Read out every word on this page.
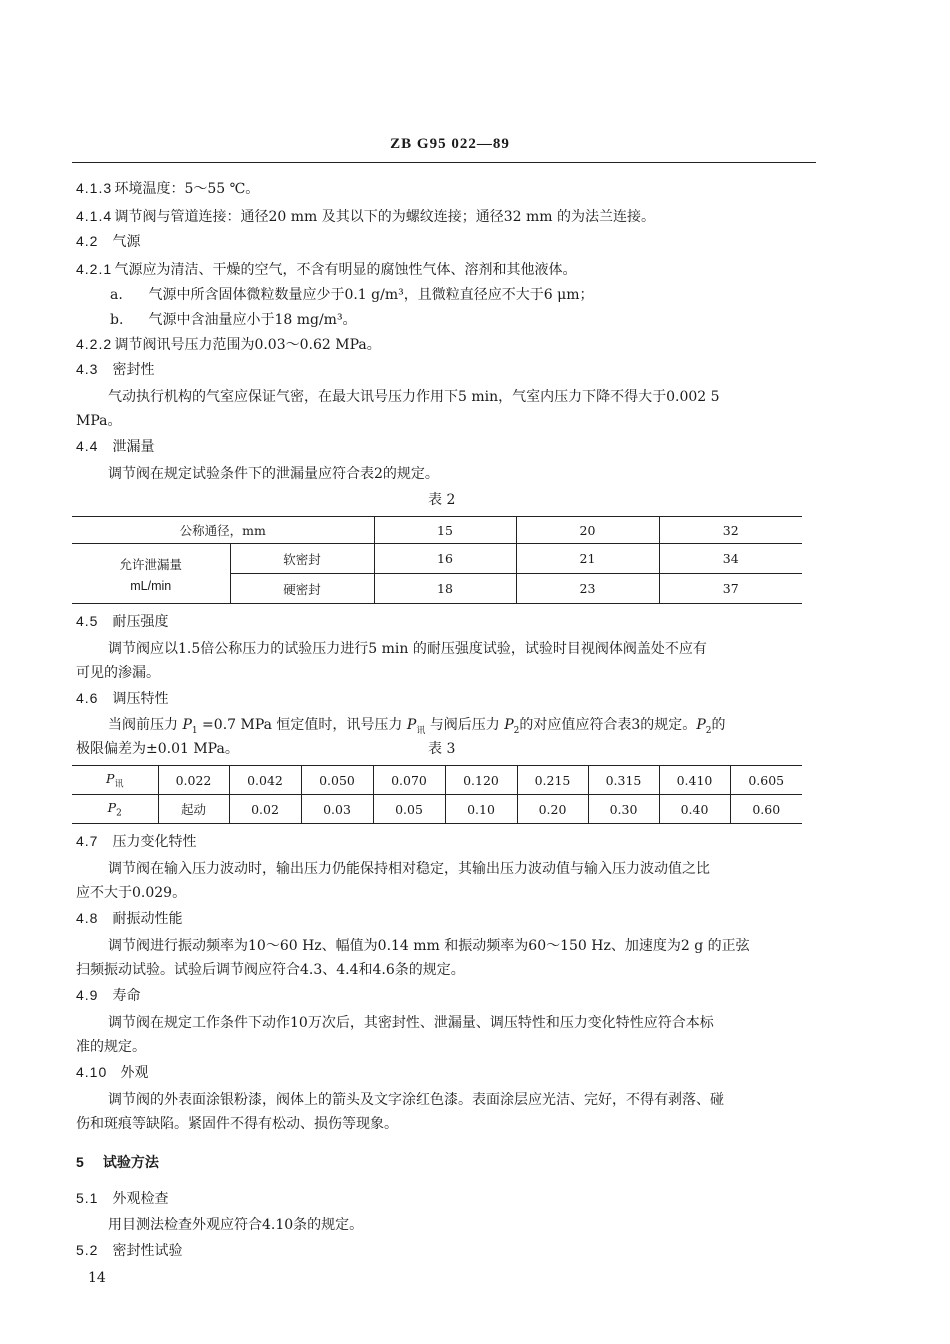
ZB G95 022—89
4.1.3 环境温度：5～55 ℃。
4.1.4 调节阀与管道连接：通径20 mm 及其以下的为螺纹连接；通径32 mm 的为法兰连接。
4.2 气源
4.2.1 气源应为清洁、干燥的空气，不含有明显的腐蚀性气体、溶剂和其他液体。
a. 气源中所含固体微粒数量应少于0.1 g/m³，且微粒直径应不大于6 μm；
b. 气源中含油量应小于18 mg/m³。
4.2.2 调节阀讯号压力范围为0.03～0.62 MPa。
4.3 密封性
气动执行机构的气室应保证气密，在最大讯号压力作用下5 min，气室内压力下降不得大于0.002 5
MPa。
4.4 泄漏量
调节阀在规定试验条件下的泄漏量应符合表2的规定。
表 2
公称通径，mm		15	20	32

允许泄漏量
mL/min	软密封	16	21	34
	硬密封	18	23	37
4.5 耐压强度
调节阀应以1.5倍公称压力的试验压力进行5 min 的耐压强度试验，试验时目视阀体阀盖处不应有
可见的渗漏。
4.6 调压特性
当阀前压力 $P_1 =0.7$ MPa 恒定值时，讯号压力 $P_讯$ 与阀后压力 $P_2$的对应值应符合表3的规定。$P_2$的
极限偏差为±0.01 MPa。	表 3
$P_讯$	0.022	0.042	0.050	0.070	0.120	0.215	0.315	0.410	0.605
$P_2$	起动	0.02	0.03	0.05	0.10	0.20	0.30	0.40	0.60
4.7 压力变化特性
调节阀在输入压力波动时，输出压力仍能保持相对稳定，其输出压力波动值与输入压力波动值之比
应不大于0.029。
4.8 耐振动性能
调节阀进行振动频率为10～60 Hz、幅值为0.14 mm 和振动频率为60～150 Hz、加速度为2 g 的正弦
扫频振动试验。试验后调节阀应符合4.3、4.4和4.6条的规定。
4.9 寿命
调节阀在规定工作条件下动作10万次后，其密封性、泄漏量、调压特性和压力变化特性应符合本标
准的规定。
4.10 外观
调节阀的外表面涂银粉漆，阀体上的箭头及文字涂红色漆。表面涂层应光洁、完好，不得有剥落、碰
伤和斑痕等缺陷。紧固件不得有松动、损伤等现象。
5 试验方法
5.1 外观检查
用目测法检查外观应符合4.10条的规定。
5.2 密封性试验
14
